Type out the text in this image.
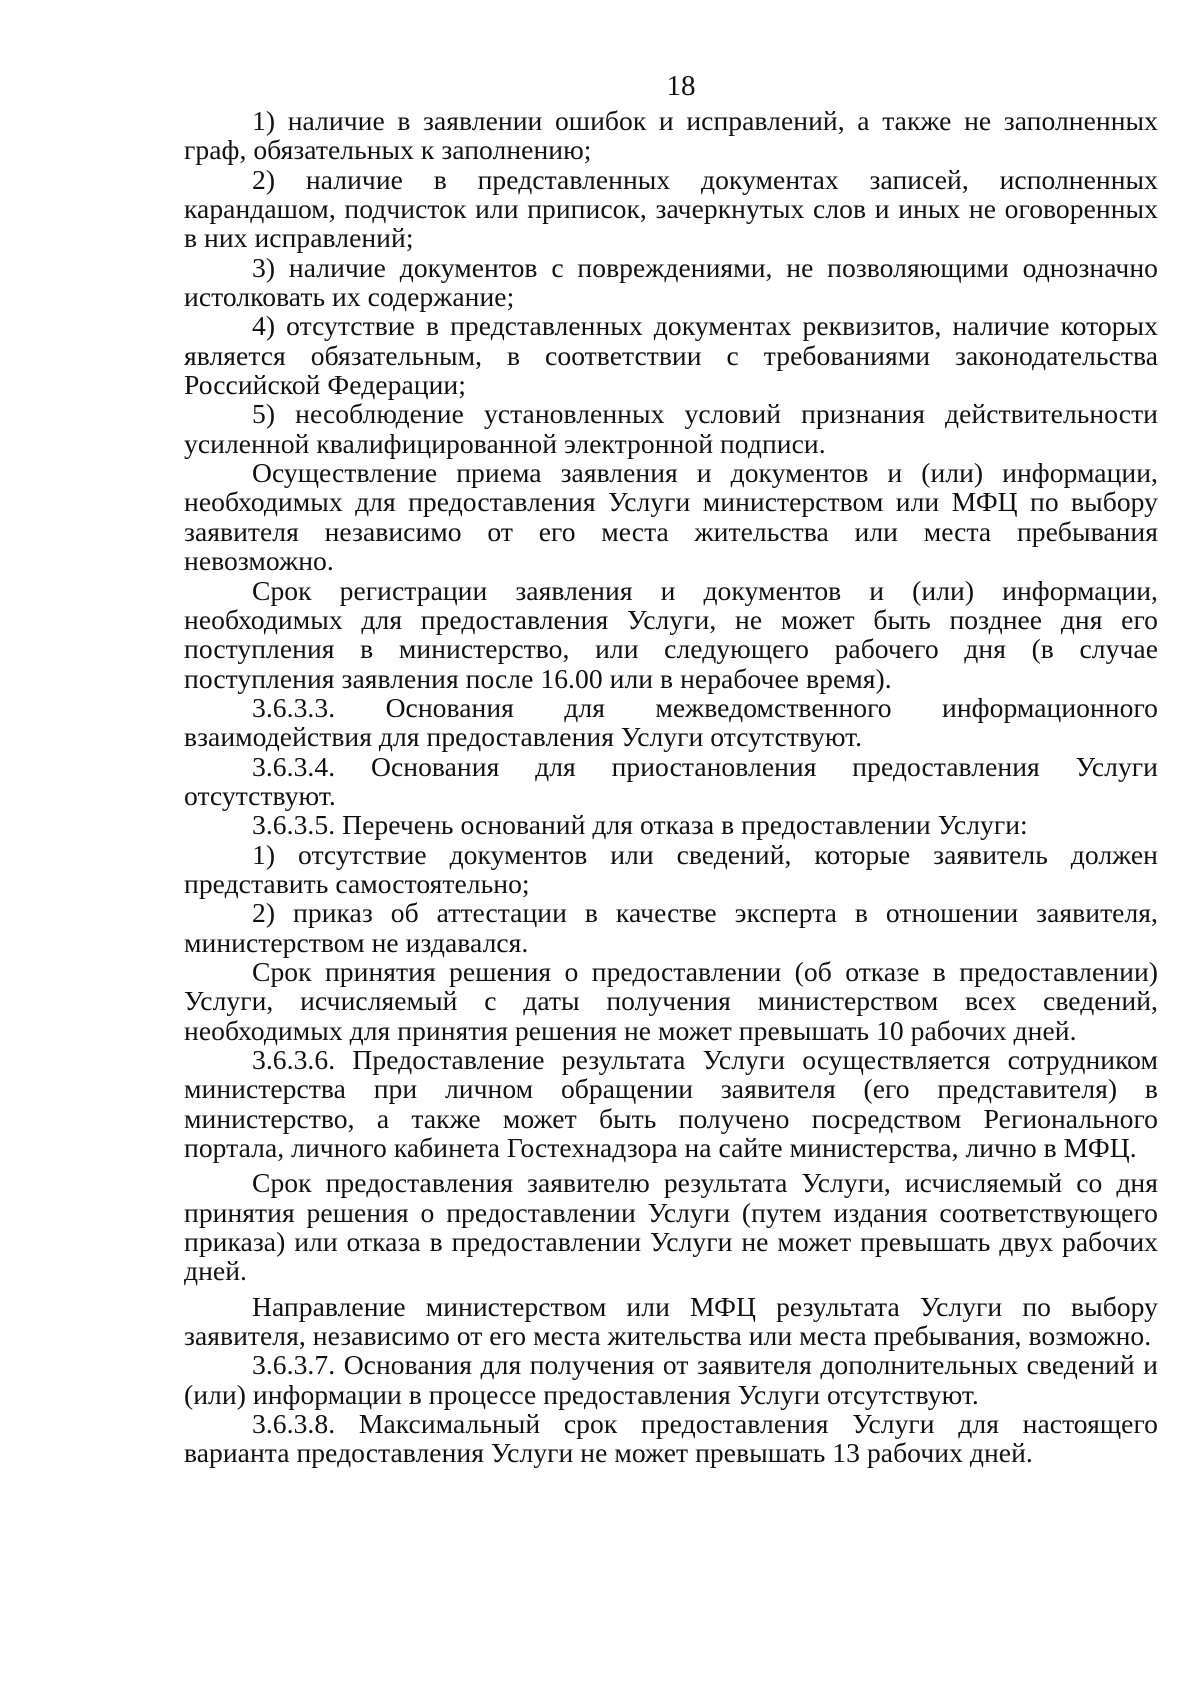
18

1) наличие в заявлении ошибок и исправлений, а также не заполненных граф, обязательных к заполнению;

2) наличие в представленных документах записей, исполненных карандашом, подчисток или приписок, зачеркнутых слов и иных не оговоренных в них исправлений;

3) наличие документов с повреждениями, не позволяющими однозначно истолковать их содержание;

4) отсутствие в представленных документах реквизитов, наличие которых является обязательным, в соответствии с требованиями законодательства Российской Федерации;

5) несоблюдение установленных условий признания действительности усиленной квалифицированной электронной подписи.

Осуществление приема заявления и документов и (или) информации, необходимых для предоставления Услуги министерством или МФЦ по выбору заявителя независимо от его места жительства или места пребывания невозможно.

Срок регистрации заявления и документов и (или) информации, необходимых для предоставления Услуги, не может быть позднее дня его поступления в министерство, или следующего рабочего дня (в случае поступления заявления после 16.00 или в нерабочее время).

3.6.3.3. Основания для межведомственного информационного взаимодействия для предоставления Услуги отсутствуют.

3.6.3.4. Основания для приостановления предоставления Услуги отсутствуют.

3.6.3.5. Перечень оснований для отказа в предоставлении Услуги:

1) отсутствие документов или сведений, которые заявитель должен представить самостоятельно;

2) приказ об аттестации в качестве эксперта в отношении заявителя, министерством не издавался.

Срок принятия решения о предоставлении (об отказе в предоставлении) Услуги, исчисляемый с даты получения министерством всех сведений, необходимых для принятия решения не может превышать 10 рабочих дней.

3.6.3.6. Предоставление результата Услуги осуществляется сотрудником министерства при личном обращении заявителя (его представителя) в министерство, а также может быть получено посредством Регионального портала, личного кабинета Гостехнадзора на сайте министерства, лично в МФЦ.

Срок предоставления заявителю результата Услуги, исчисляемый со дня принятия решения о предоставлении Услуги (путем издания соответствующего приказа) или отказа в предоставлении Услуги не может превышать двух рабочих дней.

Направление министерством или МФЦ результата Услуги по выбору заявителя, независимо от его места жительства или места пребывания, возможно.

3.6.3.7. Основания для получения от заявителя дополнительных сведений и (или) информации в процессе предоставления Услуги отсутствуют.

3.6.3.8. Максимальный срок предоставления Услуги для настоящего варианта предоставления Услуги не может превышать 13 рабочих дней.
